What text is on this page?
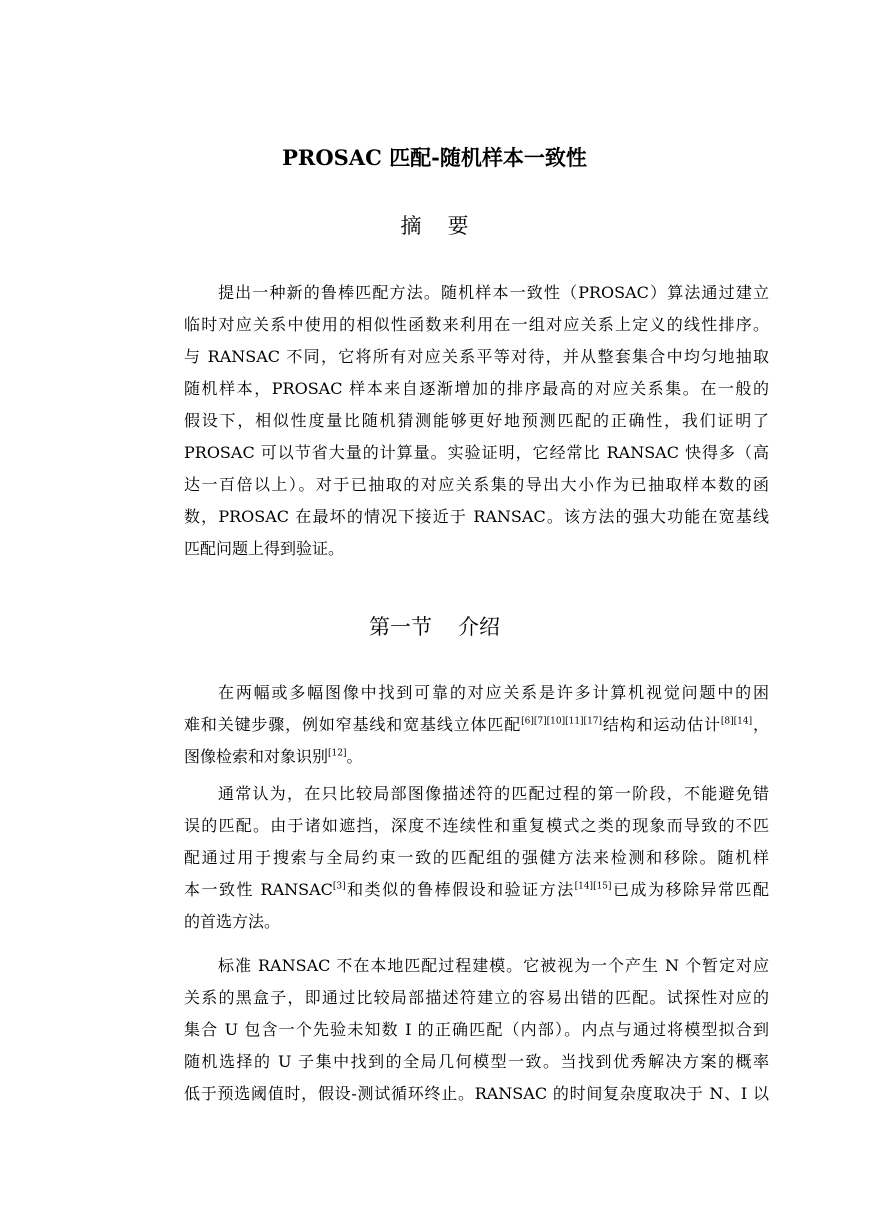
PROSAC 匹配-随机样本一致性
摘 要
提出一种新的鲁棒匹配方法。随机样本一致性（PROSAC）算法通过建立
临时对应关系中使用的相似性函数来利用在一组对应关系上定义的线性排序。
与 RANSAC 不同，它将所有对应关系平等对待，并从整套集合中均匀地抽取
随机样本，PROSAC 样本来自逐渐增加的排序最高的对应关系集。在一般的
假设下，相似性度量比随机猜测能够更好地预测匹配的正确性，我们证明了
PROSAC 可以节省大量的计算量。实验证明，它经常比 RANSAC 快得多（高
达一百倍以上）。对于已抽取的对应关系集的导出大小作为已抽取样本数的函
数，PROSAC 在最坏的情况下接近于 RANSAC。该方法的强大功能在宽基线
匹配问题上得到验证。
第一节 介绍
在两幅或多幅图像中找到可靠的对应关系是许多计算机视觉问题中的困
难和关键步骤，例如窄基线和宽基线立体匹配[6][7][10][11][17]结构和运动估计[8][14]，
图像检索和对象识别[12]。
通常认为，在只比较局部图像描述符的匹配过程的第一阶段，不能避免错
误的匹配。由于诸如遮挡，深度不连续性和重复模式之类的现象而导致的不匹
配通过用于搜索与全局约束一致的匹配组的强健方法来检测和移除。随机样
本一致性 RANSAC[3]和类似的鲁棒假设和验证方法[14][15]已成为移除异常匹配
的首选方法。
标准 RANSAC 不在本地匹配过程建模。它被视为一个产生 N 个暂定对应
关系的黑盒子，即通过比较局部描述符建立的容易出错的匹配。试探性对应的
集合 U 包含一个先验未知数 I 的正确匹配（内部）。内点与通过将模型拟合到
随机选择的 U 子集中找到的全局几何模型一致。当找到优秀解决方案的概率
低于预选阈值时，假设-测试循环终止。RANSAC 的时间复杂度取决于 N、I 以
